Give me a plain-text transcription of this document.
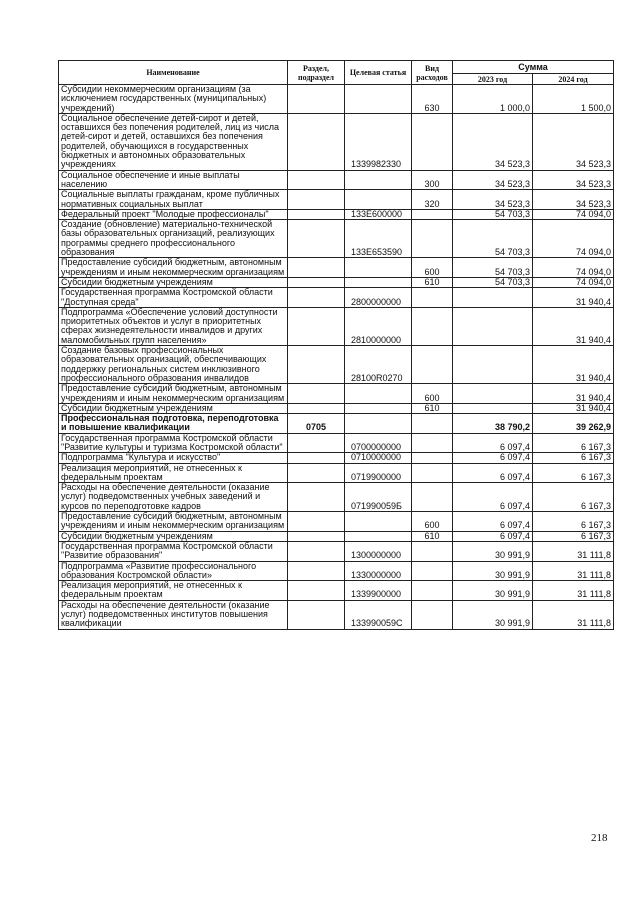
Наименование	Раздел, подраздел	Целевая статья	Вид расходов	Сумма	
				2023 год	2024 год
Субсидии некоммерческим организациям (за исключением государственных (муниципальных) учреждений)			630	1 000,0	1 500,0
Социальное обеспечение детей-сирот и детей, оставшихся без попечения родителей, лиц из числа детей-сирот и детей, оставшихся без попечения родителей, обучающихся в государственных бюджетных и автономных образовательных учреждениях		1339982330		34 523,3	34 523,3
Социальное обеспечение и иные выплаты населению			300	34 523,3	34 523,3
Социальные выплаты гражданам, кроме публичных нормативных социальных выплат			320	34 523,3	34 523,3
Федеральный проект "Молодые профессионалы"		133E600000		54 703,3	74 094,0
Создание (обновление) материально-технической базы образовательных организаций, реализующих программы среднего профессионального образования		133E653590		54 703,3	74 094,0
Предоставление субсидий бюджетным, автономным учреждениям и иным некоммерческим организациям			600	54 703,3	74 094,0
Субсидии бюджетным учреждениям			610	54 703,3	74 094,0
Государственная программа Костромской области "Доступная среда"		2800000000			31 940,4
Подпрограмма «Обеспечение условий доступности приоритетных объектов и услуг в приоритетных сферах жизнедеятельности инвалидов и других маломобильных групп населения»		2810000000			31 940,4
Создание базовых профессиональных образовательных организаций, обеспечивающих поддержку региональных систем инклюзивного профессионального образования инвалидов		28100R0270			31 940,4
Предоставление субсидий бюджетным, автономным учреждениям и иным некоммерческим организациям			600		31 940,4
Субсидии бюджетным учреждениям			610		31 940,4
Профессиональная подготовка, переподготовка и повышение квалификации	0705			38 790,2	39 262,9
Государственная программа Костромской области "Развитие культуры и туризма Костромской области"		0700000000		6 097,4	6 167,3
Подпрограмма "Культура и искусство"		0710000000		6 097,4	6 167,3
Реализация мероприятий, не отнесенных к федеральным проектам		0719900000		6 097,4	6 167,3
Расходы на обеспечение деятельности (оказание услуг) подведомственных учебных заведений и курсов по переподготовке кадров		071990059Б		6 097,4	6 167,3
Предоставление субсидий бюджетным, автономным учреждениям и иным некоммерческим организациям			600	6 097,4	6 167,3
Субсидии бюджетным учреждениям			610	6 097,4	6 167,3
Государственная программа Костромской области "Развитие образования"		1300000000		30 991,9	31 111,8
Подпрограмма «Развитие профессионального образования Костромской области»		1330000000		30 991,9	31 111,8
Реализация мероприятий, не отнесенных к федеральным проектам		1339900000		30 991,9	31 111,8
Расходы на обеспечение деятельности (оказание услуг) подведомственных институтов повышения квалификации		133990059С		30 991,9	31 111,8
218
